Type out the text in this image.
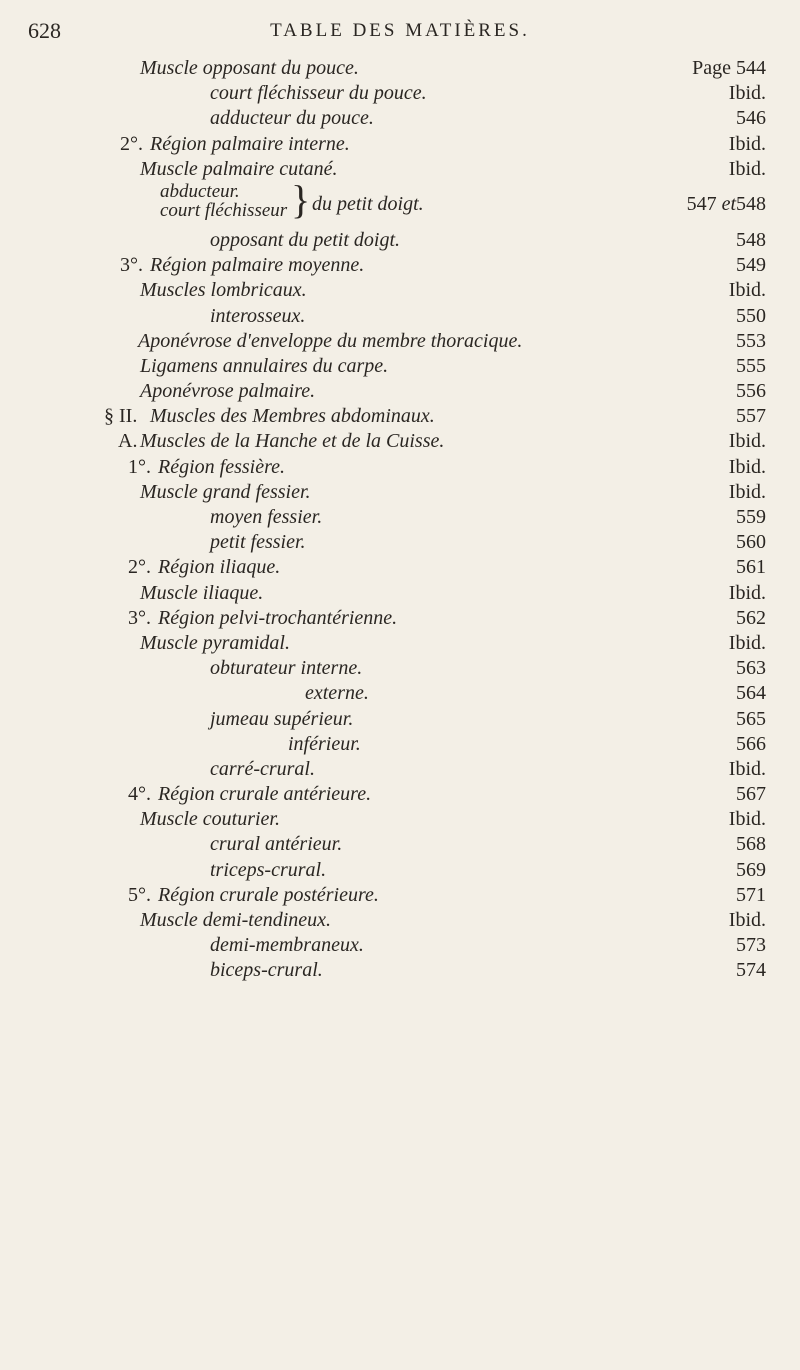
628	TABLE DES MATIÈRES.
Muscle opposant du pouce.	Page 544
court fléchisseur du pouce.	Ibid.
adducteur du pouce.	546
2°. Région palmaire interne.	Ibid.
Muscle palmaire cutané.	Ibid.
abducteur.
court fléchisseur } du petit doigt.	547 et548
opposant du petit doigt.	548
3°. Région palmaire moyenne.	549
Muscles lombricaux.	Ibid.
interosseux.	550
Aponévrose d'enveloppe du membre thoracique.	553
Ligamens annulaires du carpe.	555
Aponévrose palmaire.	556
§ II. Muscles des Membres abdominaux.	557
A. Muscles de la Hanche et de la Cuisse.	Ibid.
1°. Région fessière.	Ibid.
Muscle grand fessier.	Ibid.
moyen fessier.	559
petit fessier.	560
2°. Région iliaque.	561
Muscle iliaque.	Ibid.
3°. Région pelvi-trochantérienne.	562
Muscle pyramidal.	Ibid.
obturateur interne.	563
externe.	564
jumeau supérieur.	565
inférieur.	566
carré-crural.	Ibid.
4°. Région crurale antérieure.	567
Muscle couturier.	Ibid.
crural antérieur.	568
triceps-crural.	569
5°. Région crurale postérieure.	571
Muscle demi-tendineux.	Ibid.
demi-membraneux.	573
biceps-crural.	574
